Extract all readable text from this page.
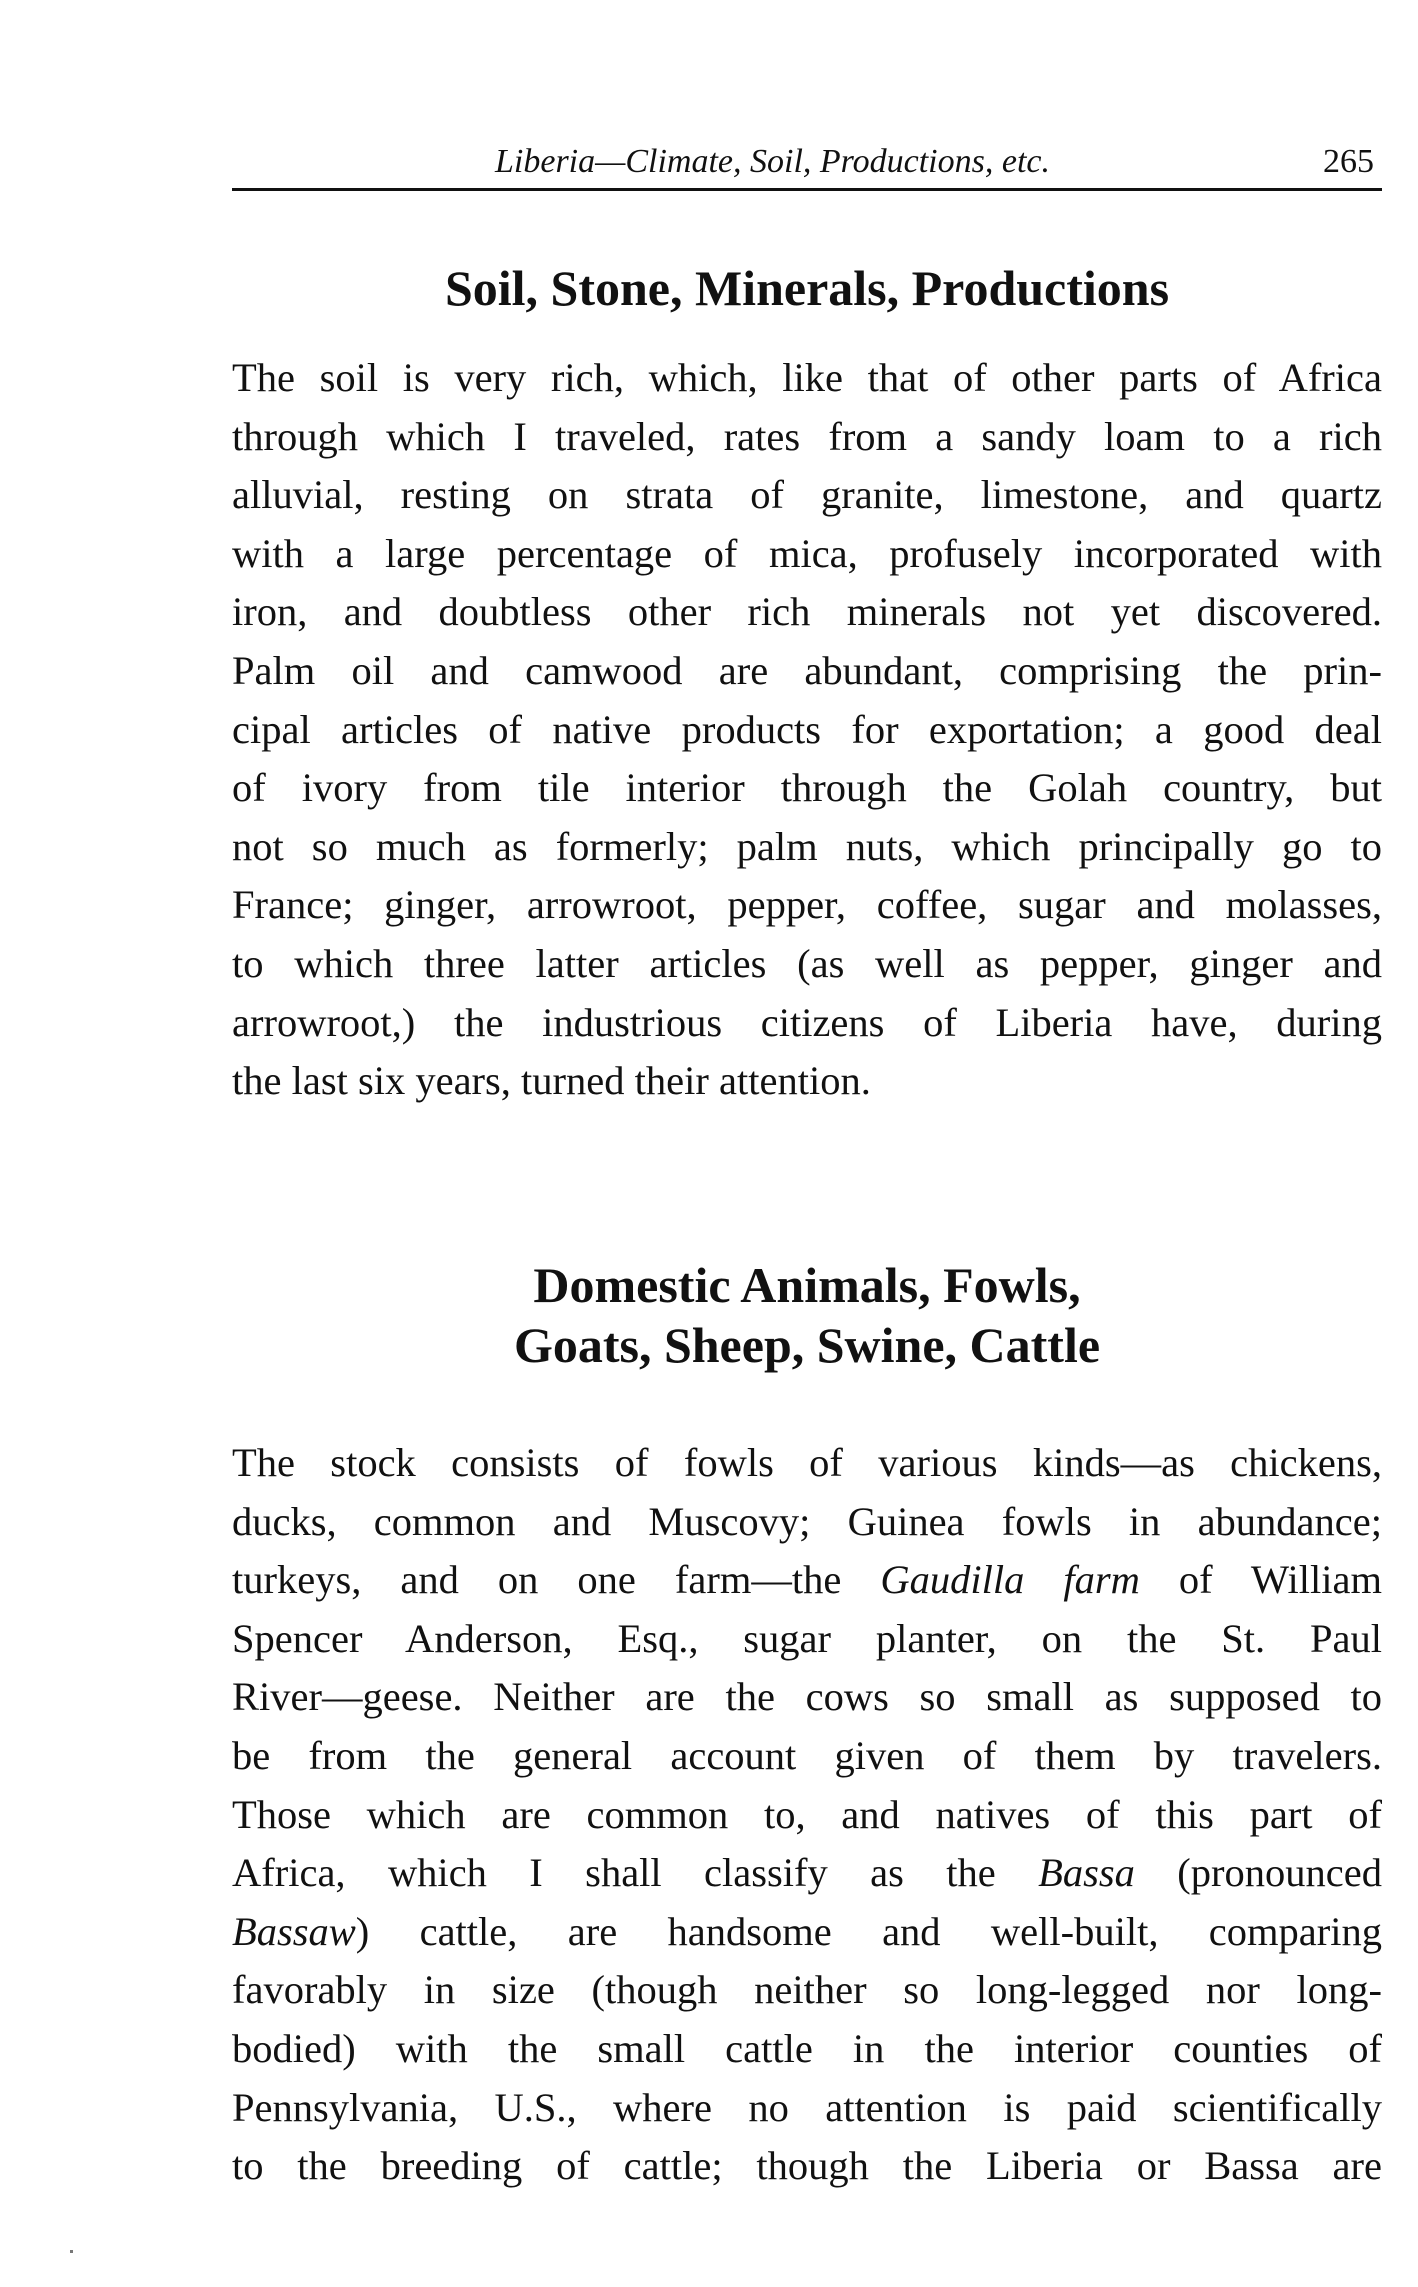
Liberia—Climate, Soil, Productions, etc.	265
Soil, Stone, Minerals, Productions
The soil is very rich, which, like that of other parts of Africa
through which I traveled, rates from a sandy loam to a rich
alluvial, resting on strata of granite, limestone, and quartz
with a large percentage of mica, profusely incorporated with
iron, and doubtless other rich minerals not yet discovered.
Palm oil and camwood are abundant, comprising the prin-
cipal articles of native products for exportation; a good deal
of ivory from tile interior through the Golah country, but
not so much as formerly; palm nuts, which principally go to
France; ginger, arrowroot, pepper, coffee, sugar and molasses,
to which three latter articles (as well as pepper, ginger and
arrowroot,) the industrious citizens of Liberia have, during
the last six years, turned their attention.
Domestic Animals, Fowls,
Goats, Sheep, Swine, Cattle
The stock consists of fowls of various kinds—as chickens,
ducks, common and Muscovy; Guinea fowls in abundance;
turkeys, and on one farm—the Gaudilla farm of William
Spencer Anderson, Esq., sugar planter, on the St. Paul
River—geese. Neither are the cows so small as supposed to
be from the general account given of them by travelers.
Those which are common to, and natives of this part of
Africa, which I shall classify as the Bassa (pronounced
Bassaw) cattle, are handsome and well-built, comparing
favorably in size (though neither so long-legged nor long-
bodied) with the small cattle in the interior counties of
Pennsylvania, U.S., where no attention is paid scientifically
to the breeding of cattle; though the Liberia or Bassa are
